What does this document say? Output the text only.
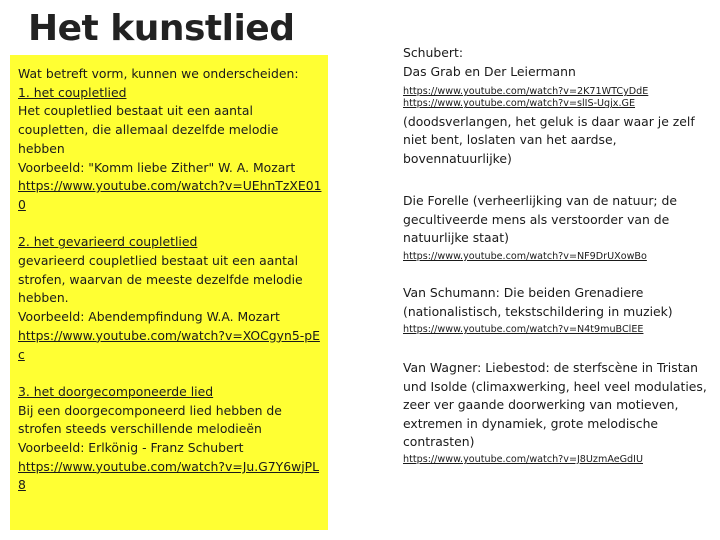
Het kunstlied

Wat betreft vorm, kunnen we onderscheiden:

1. het coupletlied

Het coupletlied bestaat uit een aantal coupletten, die allemaal dezelfde melodie hebben

Voorbeeld: "Komm liebe Zither" W. A. Mozart

https://www.youtube.com/watch?v=UEhnTzXE010

2. het gevarieerd coupletlied

gevarieerd coupletlied bestaat uit een aantal strofen, waarvan de meeste dezelfde melodie hebben.

Voorbeeld: Abendempfindung W.A. Mozart

https://www.youtube.com/watch?v=XOCgyn5-pEc

3. het doorgecomponeerde lied

Bij een doorgecomponeerd lied hebben de strofen steeds verschillende melodieën

Voorbeeld: Erlkönig - Franz Schubert

https://www.youtube.com/watch?v=Ju.G7Y6wjPL8

Schubert:

Das Grab en Der Leiermann

https://www.youtube.com/watch?v=2K71WTCyDdE
https://www.youtube.com/watch?v=slIS-Ugjx.GE

(doodsverlangen, het geluk is daar waar je zelf niet bent, loslaten van het aardse, bovennatuurlijke)

Die Forelle (verheerlijking van de natuur; de gecultiveerde mens als verstoorder van de natuurlijke staat)

https://www.youtube.com/watch?v=NF9DrUXowBo

Van Schumann: Die beiden Grenadiere (nationalistisch, tekstschildering in muziek)

https://www.youtube.com/watch?v=N4t9muBClEE

Van Wagner: Liebestod: de sterfscène in Tristan und Isolde (climaxwerking, heel veel modulaties, zeer ver gaande doorwerking van motieven, extremen in dynamiek, grote melodische contrasten)

https://www.youtube.com/watch?v=J8UzmAeGdIU
